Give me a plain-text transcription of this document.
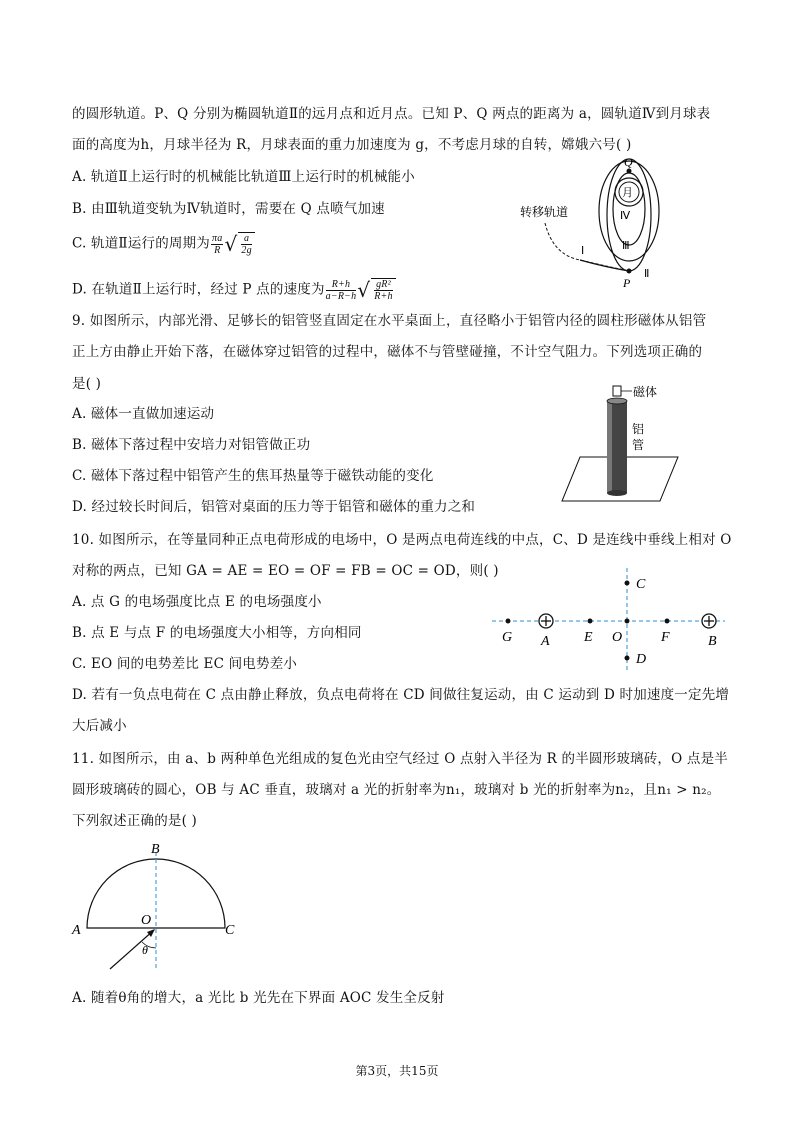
的圆形轨道。P、Q 分别为椭圆轨道Ⅱ的远月点和近月点。已知 P、Q 两点的距离为 a，圆轨道Ⅳ到月球表
面的高度为h，月球半径为 R，月球表面的重力加速度为 g，不考虑月球的自转，嫦娥六号( )
A. 轨道Ⅱ上运行时的机械能比轨道Ⅲ上运行时的机械能小
B. 由Ⅲ轨道变轨为Ⅳ轨道时，需要在 Q 点喷气加速
C. 轨道Ⅱ运行的周期为 $\frac{\pi a}{R}$ √ $\frac{a}{2g}$
D. 在轨道Ⅱ上运行时，经过 P 点的速度为 $\frac{R+h}{a-R-h}$ √ $\frac{\text{gR²}}{R+h}$
Q
月
Ⅳ
Ⅲ
Ⅰ
Ⅱ
P
转移轨道
9. 如图所示，内部光滑、足够长的铝管竖直固定在水平桌面上，直径略小于铝管内径的圆柱形磁体从铝管
正上方由静止开始下落，在磁体穿过铝管的过程中，磁体不与管壁碰撞，不计空气阻力。下列选项正确的
是( )
A. 磁体一直做加速运动
B. 磁体下落过程中安培力对铝管做正功
C. 磁体下落过程中铝管产生的焦耳热量等于磁铁动能的变化
D. 经过较长时间后，铝管对桌面的压力等于铝管和磁体的重力之和
磁体
铝
管
10. 如图所示，在等量同种正点电荷形成的电场中，O 是两点电荷连线的中点，C、D 是连线中垂线上相对 O
对称的两点，已知 GA = AE = EO = OF = FB = OC = OD，则( )
A. 点 G 的电场强度比点 E 的电场强度小
B. 点 E 与点 F 的电场强度大小相等，方向相同
C. EO 间的电势差比 EC 间电势差小
D. 若有一负点电荷在 C 点由静止释放，负点电荷将在 CD 间做往复运动，由 C 运动到 D 时加速度一定先增
大后减小
C
G A E O	F	B
D
11. 如图所示，由 a、b 两种单色光组成的复色光由空气经过 O 点射入半径为 R 的半圆形玻璃砖，O 点是半
圆形玻璃砖的圆心，OB 与 AC 垂直，玻璃对 a 光的折射率为n₁，玻璃对 b 光的折射率为n₂，且n₁ > n₂。
下列叙述正确的是( )
B
A	C
O
θ
A. 随着θ角的增大，a 光比 b 光先在下界面 AOC 发生全反射
第3页，共15页
